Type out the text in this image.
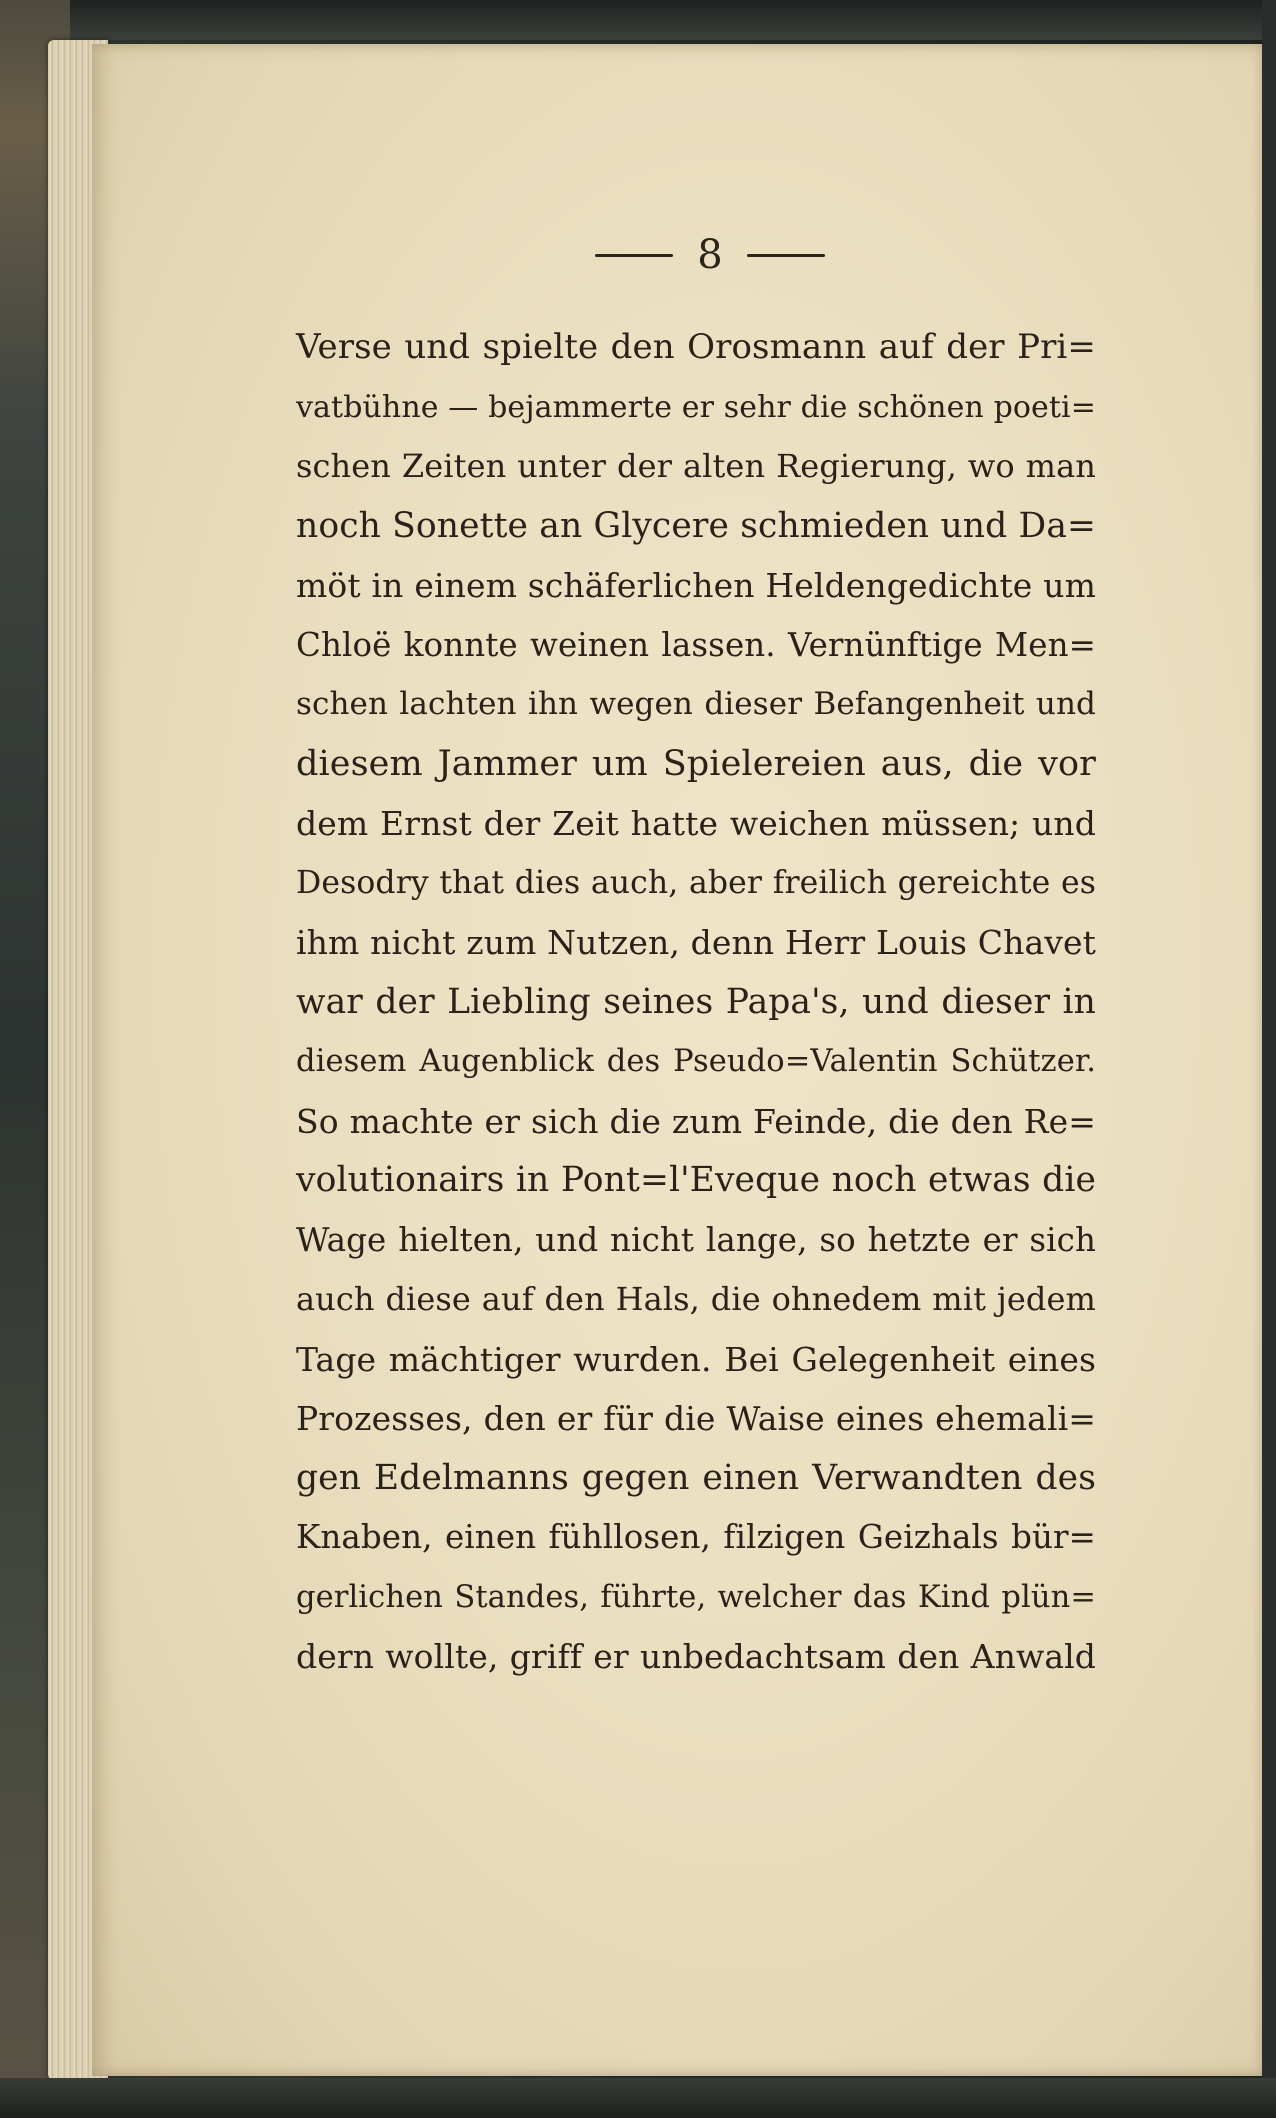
8
Verse und spielte den Orosmann auf der Pri=
vatbühne — bejammerte er sehr die schönen poeti=
schen Zeiten unter der alten Regierung, wo man
noch Sonette an Glycere schmieden und Da=
möt in einem schäferlichen Heldengedichte um
Chloë konnte weinen lassen. Vernünftige Men=
schen lachten ihn wegen dieser Befangenheit und
diesem Jammer um Spielereien aus, die vor
dem Ernst der Zeit hatte weichen müssen; und
Desodry that dies auch, aber freilich gereichte es
ihm nicht zum Nutzen, denn Herr Louis Chavet
war der Liebling seines Papa's, und dieser in
diesem Augenblick des Pseudo=Valentin Schützer.
So machte er sich die zum Feinde, die den Re=
volutionairs in Pont=l'Eveque noch etwas die
Wage hielten, und nicht lange, so hetzte er sich
auch diese auf den Hals, die ohnedem mit jedem
Tage mächtiger wurden. Bei Gelegenheit eines
Prozesses, den er für die Waise eines ehemali=
gen Edelmanns gegen einen Verwandten des
Knaben, einen fühllosen, filzigen Geizhals bür=
gerlichen Standes, führte, welcher das Kind plün=
dern wollte, griff er unbedachtsam den Anwald
